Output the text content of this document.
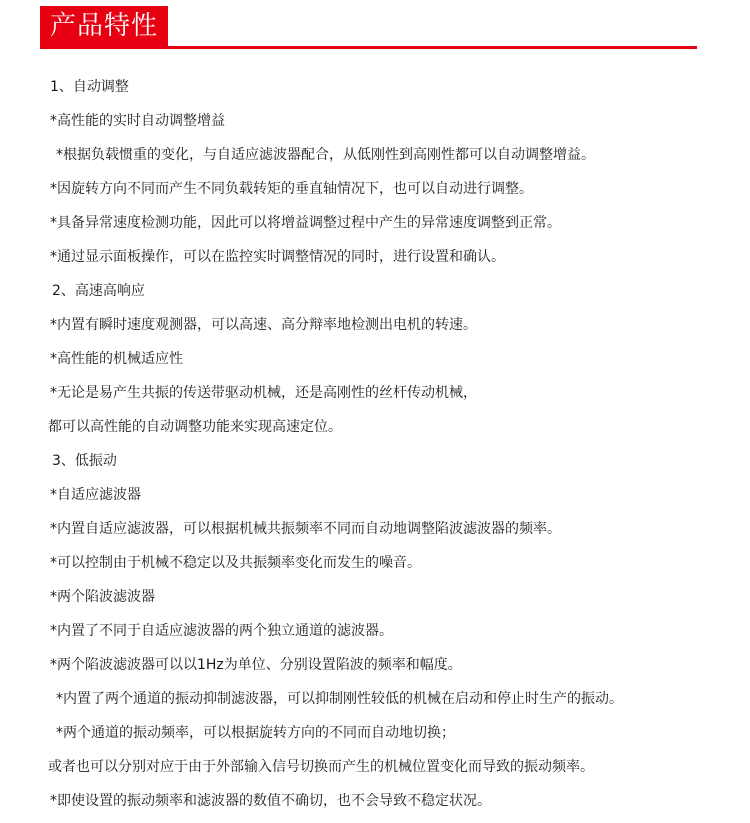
产品特性
1、自动调整
*高性能的实时自动调整增益
*根据负载惯重的变化，与自适应滤波器配合，从低刚性到高刚性都可以自动调整增益。
*因旋转方向不同而产生不同负载转矩的垂直轴情况下，也可以自动进行调整。
*具备异常速度检测功能，因此可以将增益调整过程中产生的异常速度调整到正常。
*通过显示面板操作，可以在监控实时调整情况的同时，进行设置和确认。
2、高速高响应
*内置有瞬时速度观测器，可以高速、高分辩率地检测出电机的转速。
*高性能的机械适应性
*无论是易产生共振的传送带驱动机械，还是高刚性的丝杆传动机械，
都可以高性能的自动调整功能来实现高速定位。
3、低振动
*自适应滤波器
*内置自适应滤波器，可以根据机械共振频率不同而自动地调整陷波滤波器的频率。
*可以控制由于机械不稳定以及共振频率变化而发生的噪音。
*两个陷波滤波器
*内置了不同于自适应滤波器的两个独立通道的滤波器。
*两个陷波滤波器可以以1Hz为单位、分别设置陷波的频率和幅度。
*内置了两个通道的振动抑制滤波器，可以抑制刚性较低的机械在启动和停止时生产的振动。
*两个通道的振动频率，可以根据旋转方向的不同而自动地切换；
或者也可以分别对应于由于外部输入信号切换而产生的机械位置变化而导致的振动频率。
*即使设置的振动频率和滤波器的数值不确切，也不会导致不稳定状况。
